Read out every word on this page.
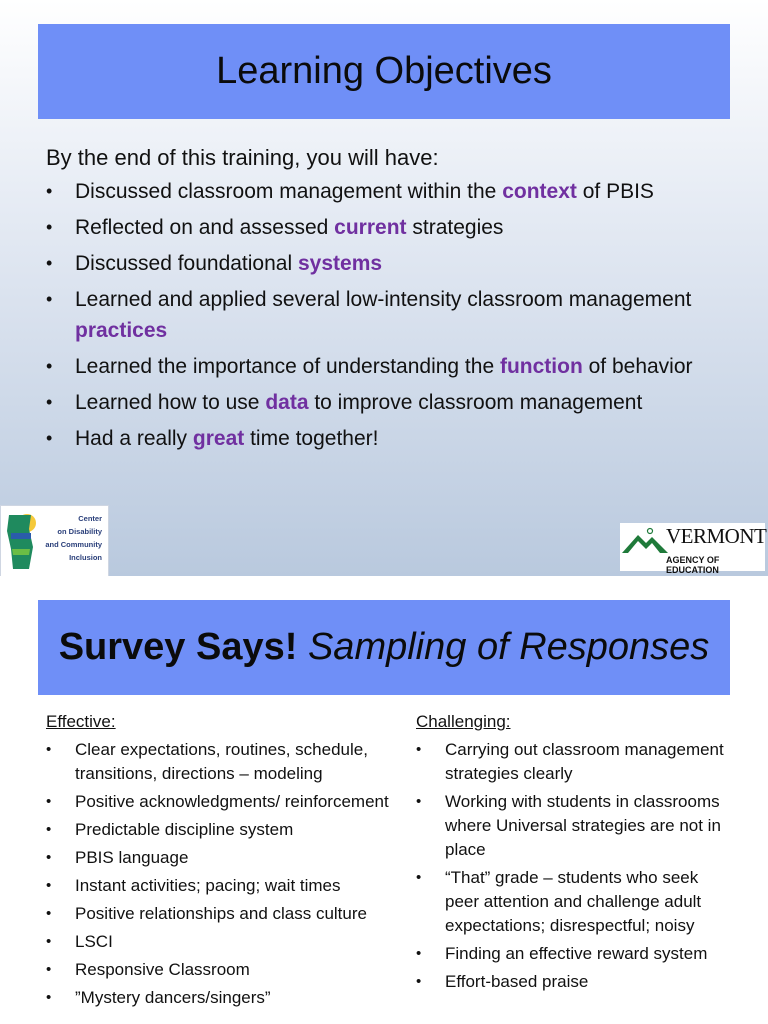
Learning Objectives
By the end of this training, you will have:
• Discussed classroom management within the context of PBIS
• Reflected on and assessed current strategies
• Discussed foundational systems
• Learned and applied several low-intensity classroom management practices
• Learned the importance of understanding the function of behavior
• Learned how to use data to improve classroom management
• Had a really great time together!
Center
on Disability
and Community
Inclusion
VERMONT
AGENCY OF EDUCATION
Survey Says! Sampling of Responses
Effective:
• Clear expectations, routines, schedule, transitions, directions – modeling
• Positive acknowledgments/ reinforcement
• Predictable discipline system
• PBIS language
• Instant activities; pacing; wait times
• Positive relationships and class culture
• LSCI
• Responsive Classroom
• ”Mystery dancers/singers”
Challenging:
• Carrying out classroom management strategies clearly
• Working with students in classrooms where Universal strategies are not in place
• “That” grade – students who seek peer attention and challenge adult expectations; disrespectful; noisy
• Finding an effective reward system
• Effort-based praise
